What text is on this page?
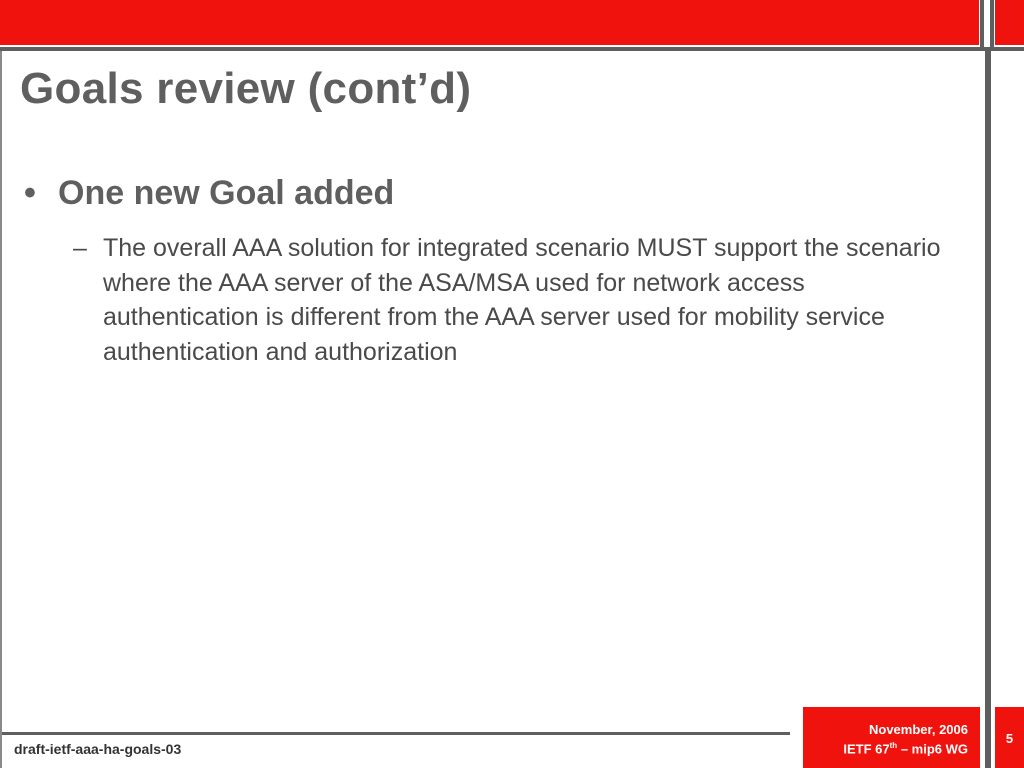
Goals review (cont’d)
• One new Goal added
– The overall AAA solution for integrated scenario MUST support the scenario where the AAA server of the ASA/MSA used for network access authentication is different from the AAA server used for mobility service authentication and authorization
draft-ietf-aaa-ha-goals-03
November, 2006
IETF 67th – mip6 WG
5
